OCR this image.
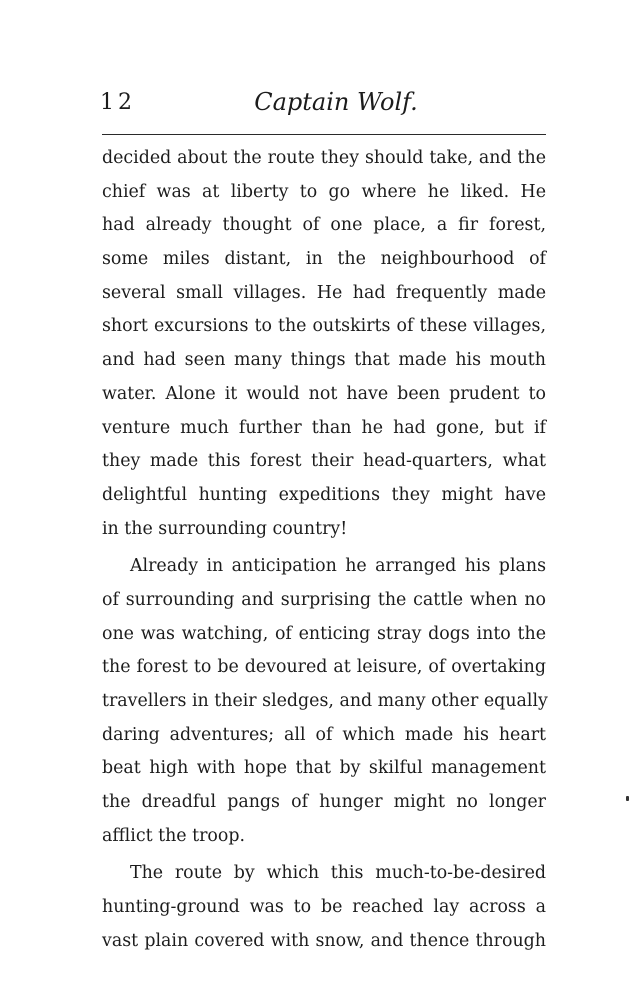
12	Captain Wolf.
decided about the route they should take, and the
chief was at liberty to go where he liked. He
had already thought of one place, a fir forest,
some miles distant, in the neighbourhood of
several small villages. He had frequently made
short excursions to the outskirts of these villages,
and had seen many things that made his mouth
water. Alone it would not have been prudent to
venture much further than he had gone, but if
they made this forest their head-quarters, what
delightful hunting expeditions they might have
in the surrounding country!
Already in anticipation he arranged his plans
of surrounding and surprising the cattle when no
one was watching, of enticing stray dogs into the
the forest to be devoured at leisure, of overtaking
travellers in their sledges, and many other equally
daring adventures; all of which made his heart
beat high with hope that by skilful management
the dreadful pangs of hunger might no longer
afflict the troop.
The route by which this much-to-be-desired
hunting-ground was to be reached lay across a
vast plain covered with snow, and thence through
